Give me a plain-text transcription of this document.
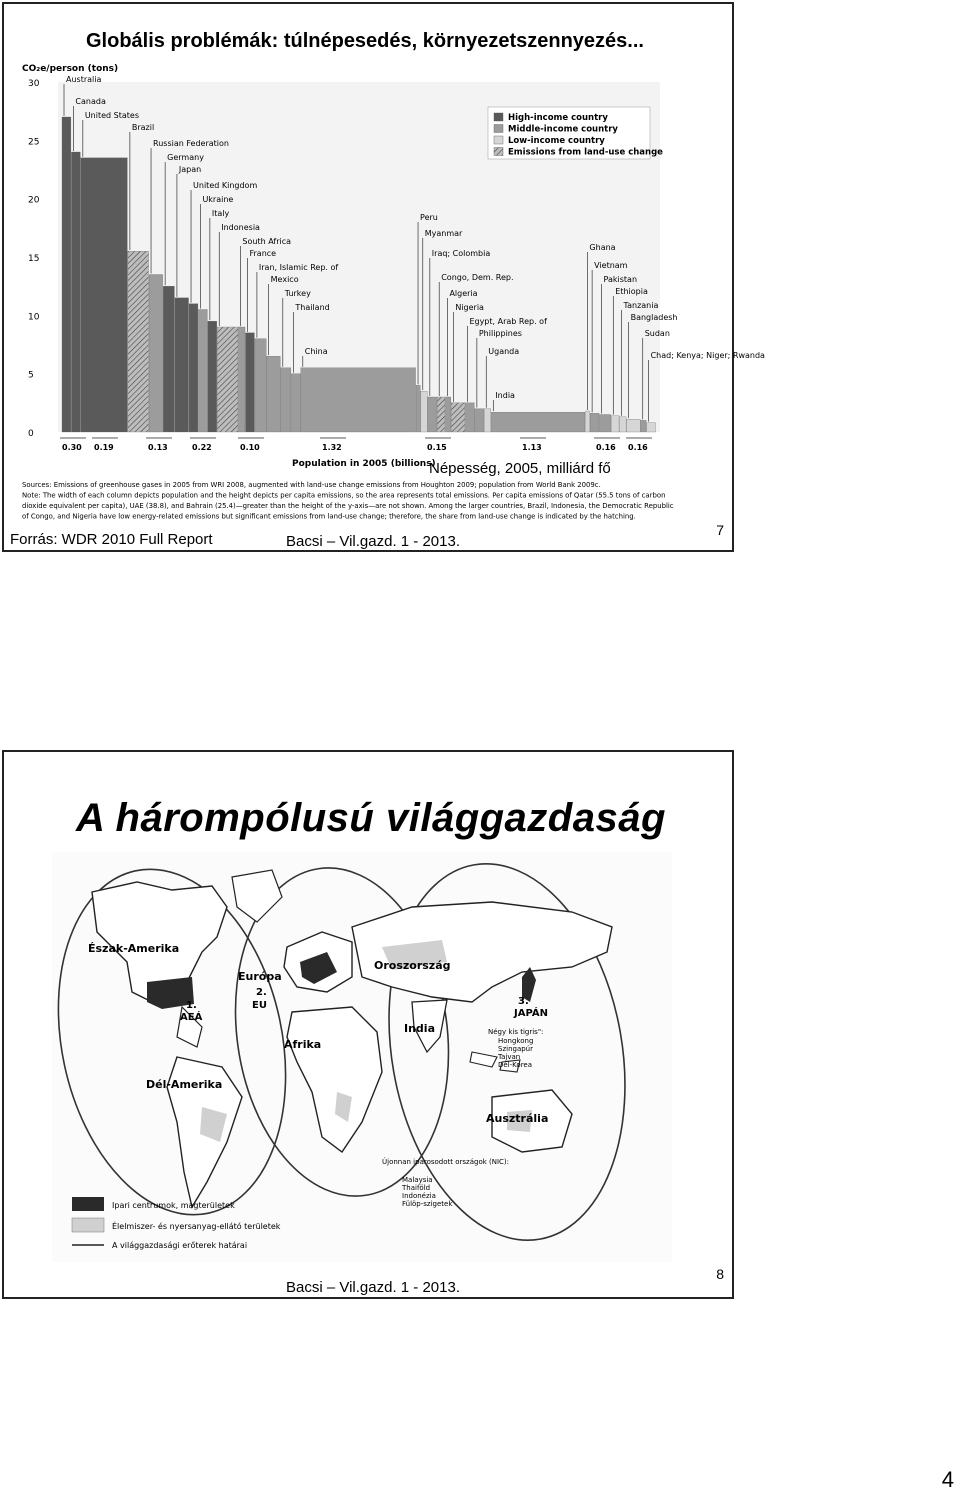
Globális problémák: túlnépesedés, környezetszennyezés...
CO₂e/person (tons)
0
5
10
15
20
25
30	Australia
Canada
United States
Brazil
Russian Federation
Germany
Japan
United Kingdom
Ukraine
Italy
Indonesia
South Africa
France
Iran, Islamic Rep. of
Mexico
Turkey
Thailand
China
Peru
Myanmar
Iraq; Colombia
Congo, Dem. Rep.
Algeria
Nigeria
Egypt, Arab Rep. of
Philippines
Uganda
India
Ghana
Vietnam
Pakistan
Ethiopia
Tanzania
Bangladesh
Sudan
Chad; Kenya; Niger; Rwanda
0.30 0.19	0.13	0.22	0.10	1.32	0.15	1.13	0.16 0.16
Population in 2005 (billions)
High-income country
Middle-income country
Low-income country
Emissions from land-use change
Sources: Emissions of greenhouse gases in 2005 from WRI 2008, augmented with land-use change emissions from Houghton 2009; population from World Bank 2009c.
Note: The width of each column depicts population and the height depicts per capita emissions, so the area represents total emissions. Per capita emissions of Qatar (55.5 tons of carbon
dioxide equivalent per capita), UAE (38.8), and Bahrain (25.4)—greater than the height of the y-axis—are not shown. Among the larger countries, Brazil, Indonesia, the Democratic Republic
of Congo, and Nigeria have low energy-related emissions but significant emissions from land-use change; therefore, the share from land-use change is indicated by the hatching.
Népesség, 2005, milliárd fő
Forrás: WDR 2010 Full Report	Bacsi – Vil.gazd. 1 - 2013.
7
A hárompólusú világgazdaság
Észak-Amerika
Dél-Amerika
Európa
Afrika
Oroszország
India
Ausztrália
1.
AEÁ
2.
EU	3.
JAPÁN
Négy kis tigris":
Hongkong
Szingapúr
Tajvan
Dél-Korea
Újonnan iparosodott országok (NIC):
Malaysia
Thaiföld
Indonézia
Fülöp-szigetek
Ipari centrumok, magterületek
Élelmiszer- és nyersanyag-ellátó területek
A világgazdasági erőterek határai
Bacsi – Vil.gazd. 1 - 2013.
8
4
